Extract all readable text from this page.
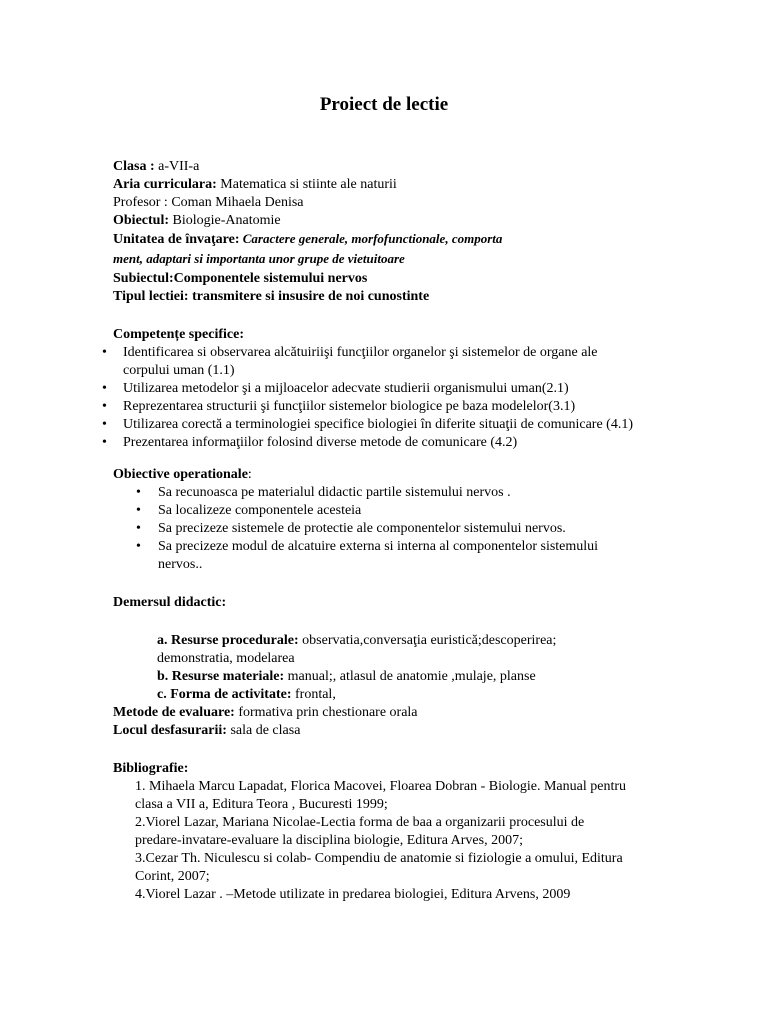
Proiect de lectie
Clasa : a-VII-a
Aria curriculara: Matematica si stiinte ale naturii
Profesor : Coman Mihaela Denisa
Obiectul: Biologie-Anatomie
Unitatea de învaţare: Caractere generale, morfofunctionale, comporta
ment, adaptari si importanta unor grupe de vietuitoare
Subiectul:Componentele sistemului nervos
Tipul lectiei: transmitere si insusire de noi cunostinte
Competențe specifice:
• Identificarea si observarea alcătuiriişi funcţiilor organelor şi sistemelor de organe ale corpului uman (1.1)
• Utilizarea metodelor şi a mijloacelor adecvate studierii organismului uman(2.1)
• Reprezentarea structurii şi funcţiilor sistemelor biologice pe baza modelelor(3.1)
• Utilizarea corectă a terminologiei specifice biologiei în diferite situaţii de comunicare (4.1)
• Prezentarea informaţiilor folosind diverse metode de comunicare (4.2)
Obiective operationale:
• Sa recunoasca pe materialul didactic partile sistemului nervos .
• Sa localizeze componentele acesteia
• Sa precizeze sistemele de protectie ale componentelor sistemului nervos.
• Sa precizeze modul de alcatuire externa si interna al componentelor sistemului nervos..
Demersul didactic:
a. Resurse procedurale: observatia,conversaţia euristică;descoperirea; demonstratia, modelarea
b. Resurse materiale: manual;, atlasul de anatomie ,mulaje, planse
c. Forma de activitate: frontal,
Metode de evaluare: formativa prin chestionare orala
Locul desfasurarii: sala de clasa
Bibliografie:
1. Mihaela Marcu Lapadat, Florica Macovei, Floarea Dobran - Biologie. Manual pentru clasa a VII a, Editura Teora , Bucuresti 1999;
2.Viorel Lazar, Mariana Nicolae-Lectia forma de baa a organizarii procesului de predare-invatare-evaluare la disciplina biologie, Editura Arves, 2007;
3.Cezar Th. Niculescu si colab- Compendiu de anatomie si fiziologie a omului, Editura Corint, 2007;
4.Viorel Lazar . –Metode utilizate in predarea biologiei, Editura Arvens, 2009
